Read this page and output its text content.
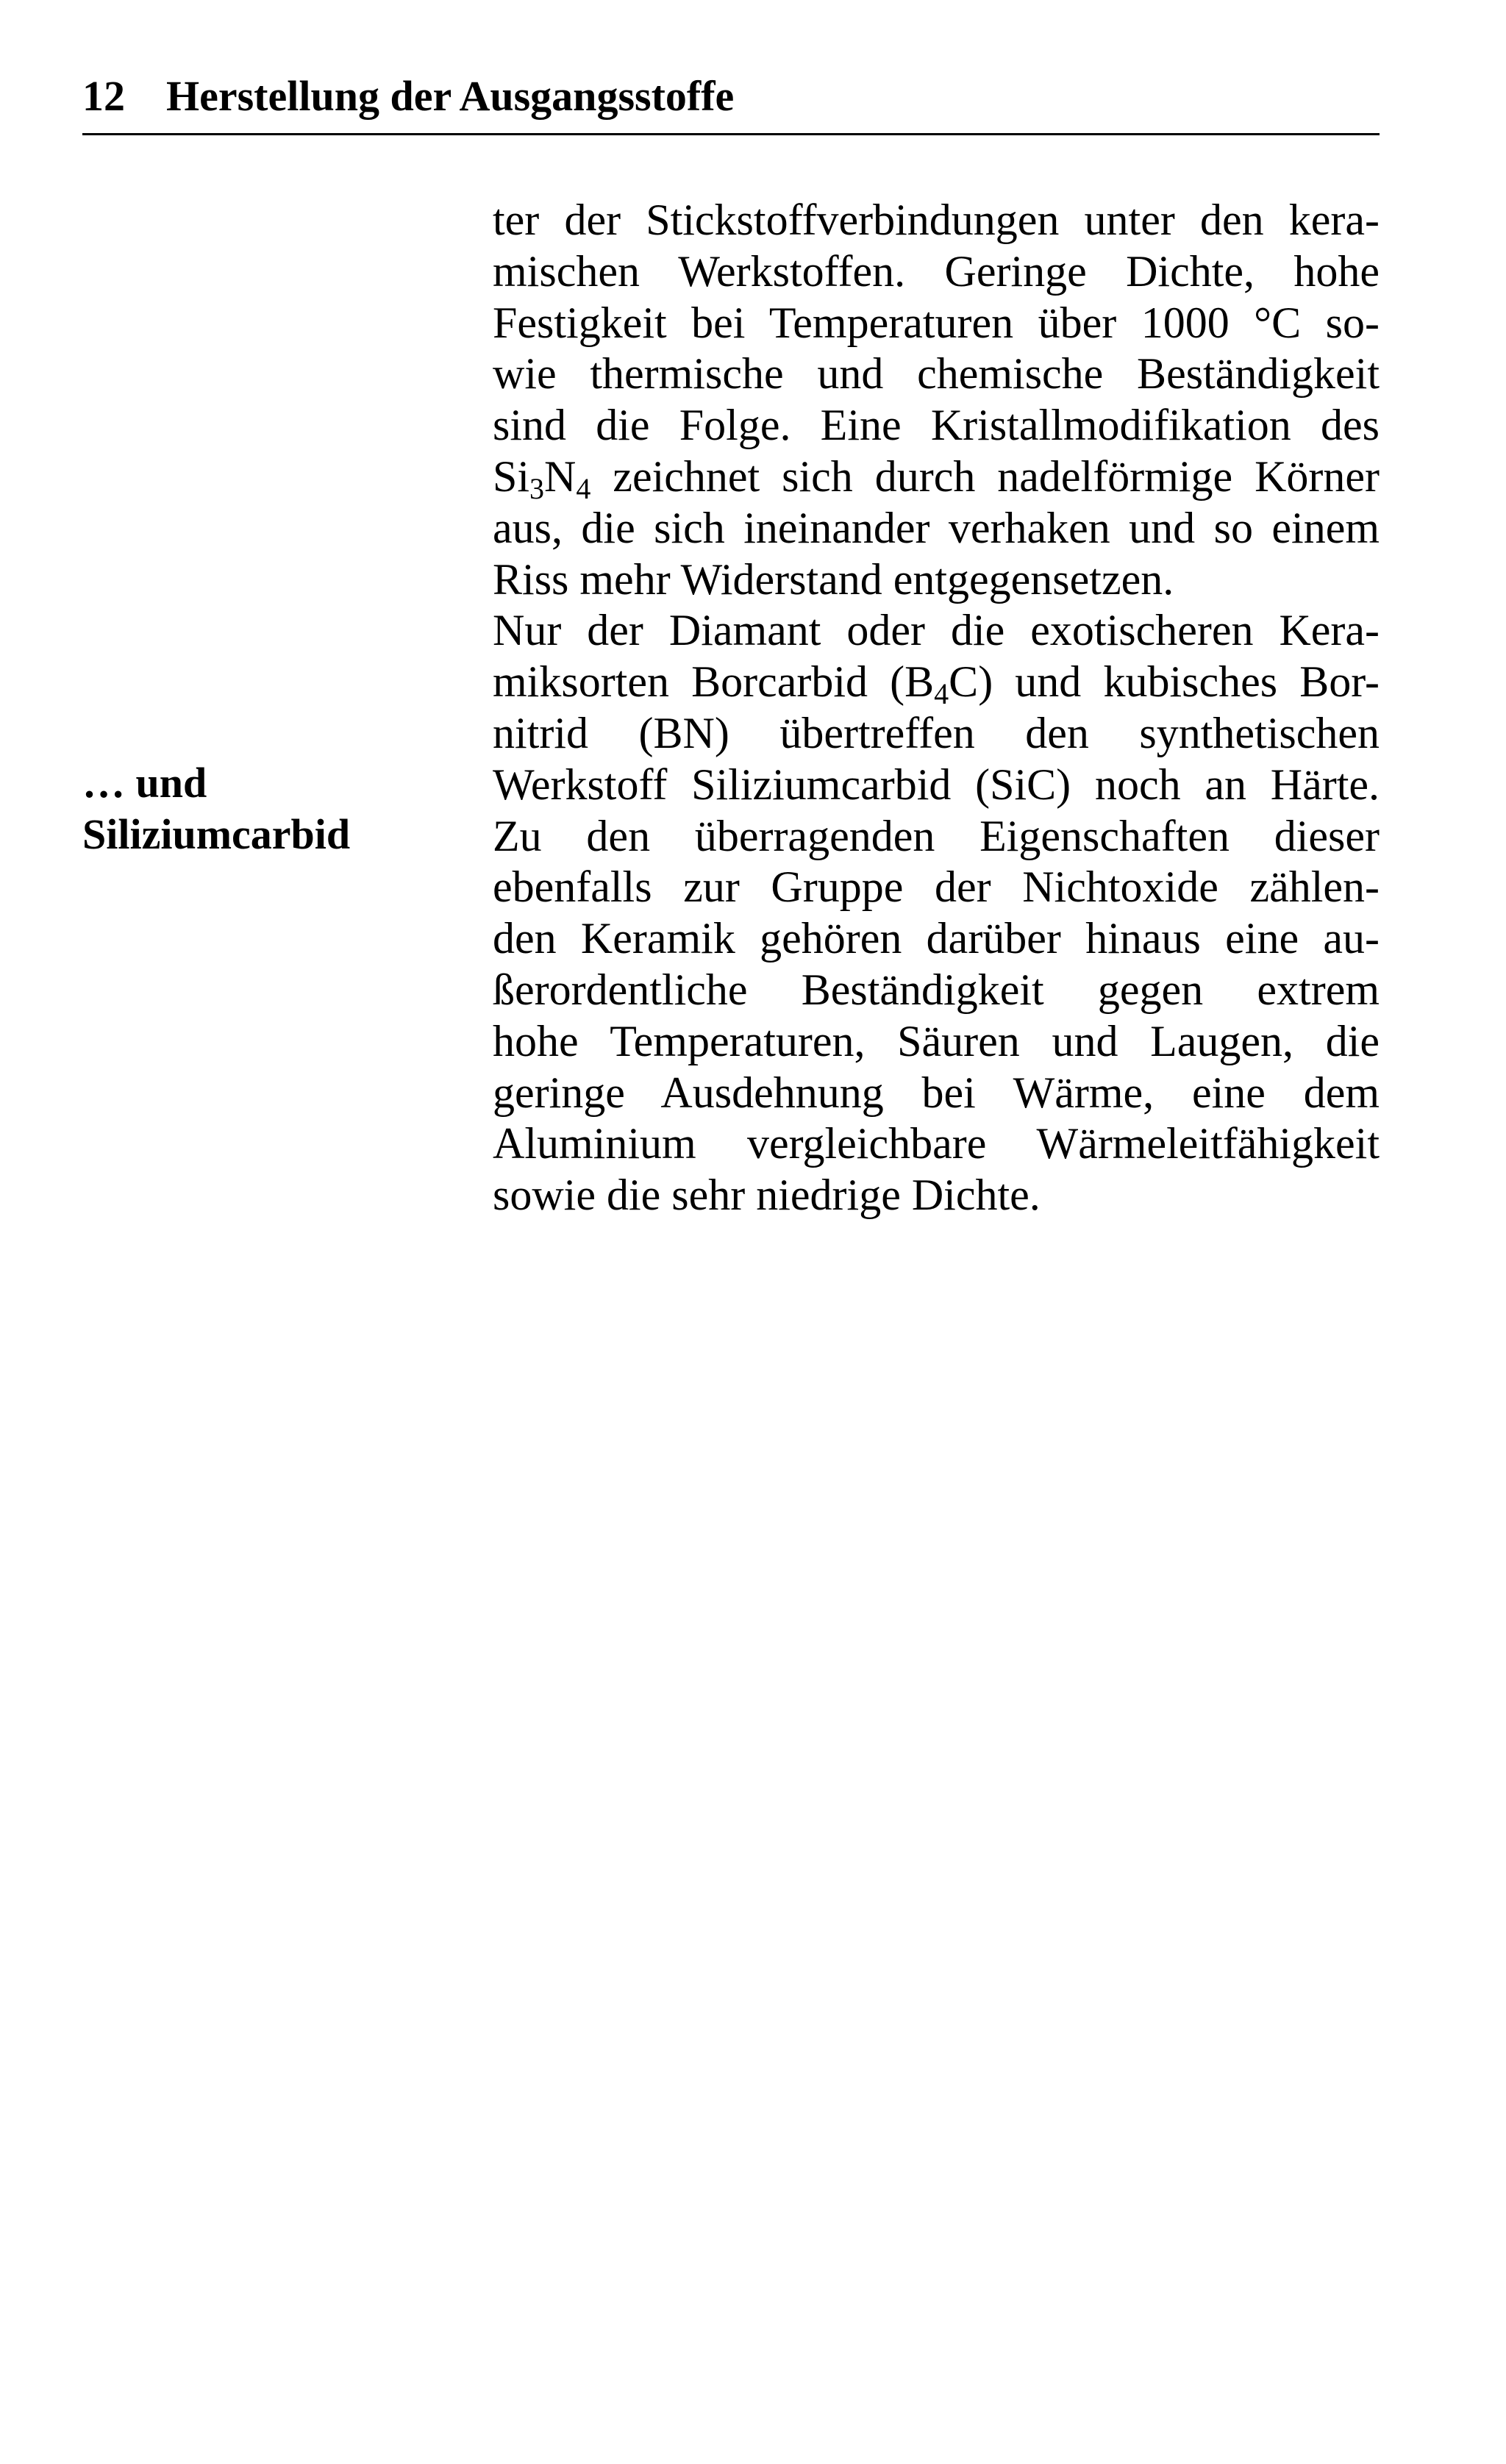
12 Herstellung der Ausgangsstoffe
… und
Siliziumcarbid
ter der Stickstoffverbindungen unter den kera-
mischen Werkstoffen. Geringe Dichte, hohe
Festigkeit bei Temperaturen über 1000 °C so-
wie thermische und chemische Beständigkeit
sind die Folge. Eine Kristallmodifikation des
$Si_3N_4$ zeichnet sich durch nadelförmige Körner
aus, die sich ineinander verhaken und so einem
Riss mehr Widerstand entgegensetzen.
Nur der Diamant oder die exotischeren Kera-
miksorten Borcarbid $(B_4C)$ und kubisches Bor-
nitrid (BN) übertreffen den synthetischen
Werkstoff Siliziumcarbid (SiC) noch an Härte.
Zu den überragenden Eigenschaften dieser
ebenfalls zur Gruppe der Nichtoxide zählen-
den Keramik gehören darüber hinaus eine au-
ßerordentliche Beständigkeit gegen extrem
hohe Temperaturen, Säuren und Laugen, die
geringe Ausdehnung bei Wärme, eine dem
Aluminium vergleichbare Wärmeleitfähigkeit
sowie die sehr niedrige Dichte.
